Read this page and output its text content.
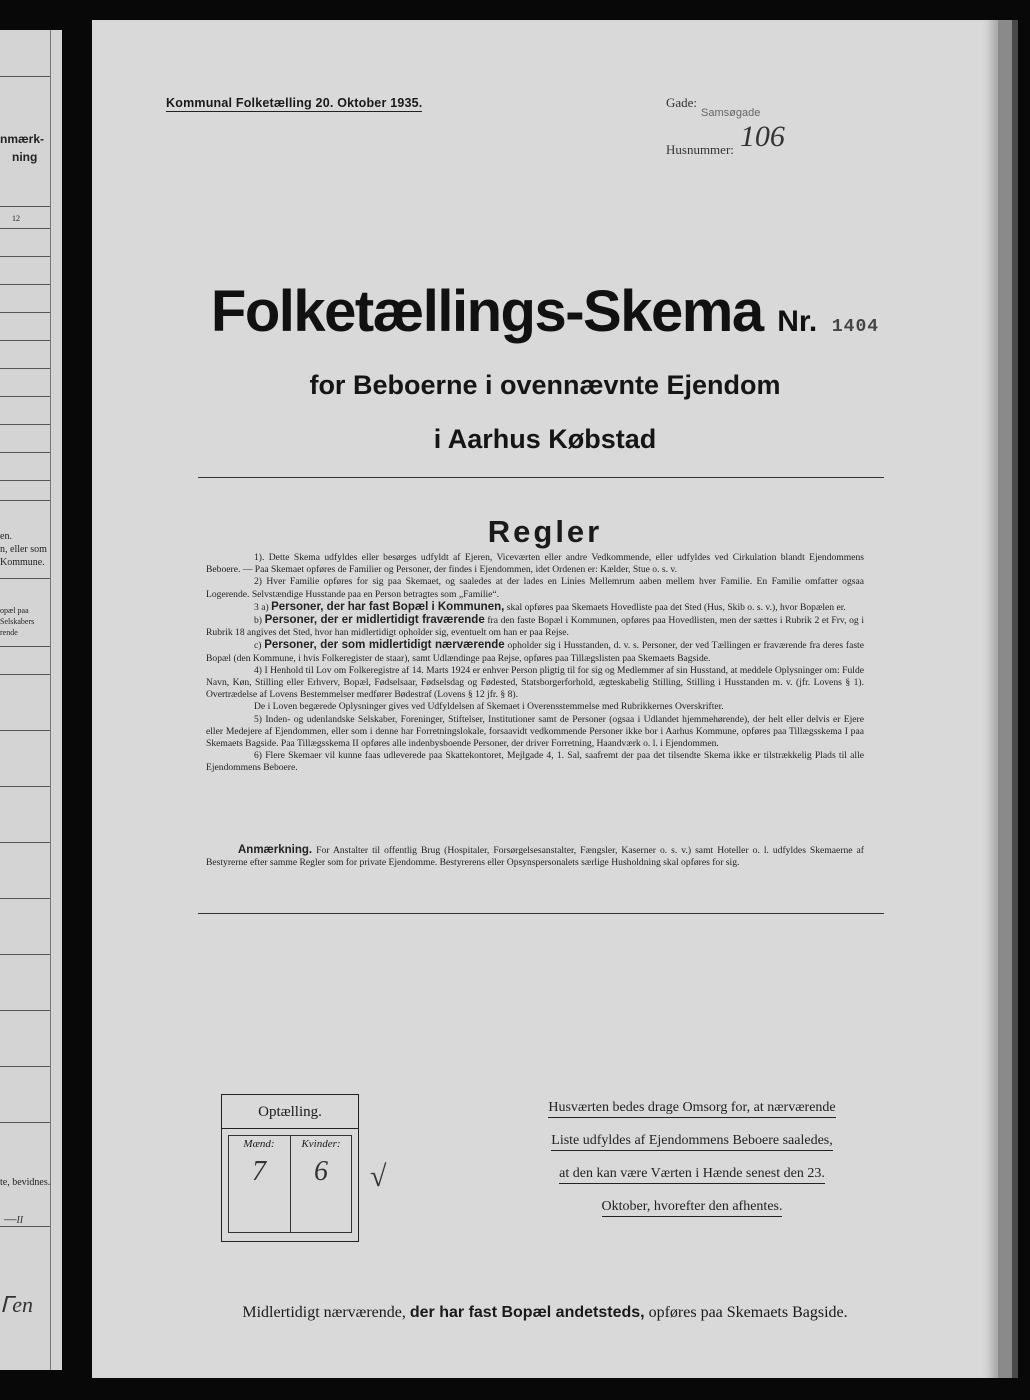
nmærk-
ning
12
en.
n, eller som
Kommune.
opæl paa
Selskabers
rende
te, bevidnes.
—II
ᒥen
Kommunal Folketælling 20. Oktober 1935.	Gade: $_{Samsøgade}$
Husnummer: 106
Folketællings-Skema Nr. 1404
for Beboerne i ovennævnte Ejendom
i Aarhus Købstad
Regler

1). Dette Skema udfyldes eller besørges udfyldt af Ejeren, Viceværten eller andre Vedkommende, eller udfyldes ved Cirkulation blandt Ejendommens Beboere. — Paa Skemaet opføres de Familier og Personer, der findes i Ejendommen, idet Ordenen er: Kælder, Stue o. s. v.

2) Hver Familie opføres for sig paa Skemaet, og saaledes at der lades en Linies Mellemrum aaben mellem hver Familie. En Familie omfatter ogsaa Logerende. Selvstændige Husstande paa en Person betragtes som „Familie“.

3 a) Personer, der har fast Bopæl i Kommunen, skal opføres paa Skemaets Hovedliste paa det Sted (Hus, Skib o. s. v.), hvor Bopælen er.

b) Personer, der er midlertidigt fraværende fra den faste Bopæl i Kommunen, opføres paa Hovedlisten, men der sættes i Rubrik 2 et Frv, og i Rubrik 18 angives det Sted, hvor han midlertidigt opholder sig, eventuelt om han er paa Rejse.

c) Personer, der som midlertidigt nærværende opholder sig i Husstanden, d. v. s. Personer, der ved Tællingen er fraværende fra deres faste Bopæl (den Kommune, i hvis Folkeregister de staar), samt Udlændinge paa Rejse, opføres paa Tillægslisten paa Skemaets Bagside.

4) I Henhold til Lov om Folkeregistre af 14. Marts 1924 er enhver Person pligtig til for sig og Medlemmer af sin Husstand, at meddele Oplysninger om: Fulde Navn, Køn, Stilling eller Erhverv, Bopæl, Fødselsaar, Fødselsdag og Fødested, Statsborgerforhold, ægteskabelig Stilling, Stilling i Husstanden m. v. (jfr. Lovens § 1). Overtrædelse af Lovens Bestemmelser medfører Bødestraf (Lovens § 12 jfr. § 8).

De i Loven begærede Oplysninger gives ved Udfyldelsen af Skemaet i Overensstemmelse med Rubrikkernes Overskrifter.

5) Inden- og udenlandske Selskaber, Foreninger, Stiftelser, Institutioner samt de Personer (ogsaa i Udlandet hjemmehørende), der helt eller delvis er Ejere eller Medejere af Ejendommen, eller som i denne har Forretningslokale, forsaavidt vedkommende Personer ikke bor i Aarhus Kommune, opføres paa Tillægsskema I paa Skemaets Bagside. Paa Tillægsskema II opføres alle indenbysboende Personer, der driver Forretning, Haandværk o. l. i Ejendommen.

6) Flere Skemaer vil kunne faas udleverede paa Skattekontoret, Mejlgade 4, 1. Sal, saafremt der paa det tilsendte Skema ikke er tilstrækkelig Plads til alle Ejendommens Beboere.

Anmærkning. For Anstalter til offentlig Brug (Hospitaler, Forsørgelsesanstalter, Fængsler, Kaserner o. s. v.) samt Hoteller o. l. udfyldes Skemaerne af Bestyrerne efter samme Regler som for private Ejendomme. Bestyrerens eller Opsynspersonalets særlige Husholdning skal opføres for sig.

Optælling.
Mænd:	Kvinder:
7	6	√
Husværten bedes drage Omsorg for, at nærværende
Liste udfyldes af Ejendommens Beboere saaledes,
at den kan være Værten i Hænde senest den 23.
Oktober, hvorefter den afhentes.
Midlertidigt nærværende, der har fast Bopæl andetsteds, opføres paa Skemaets Bagside.
